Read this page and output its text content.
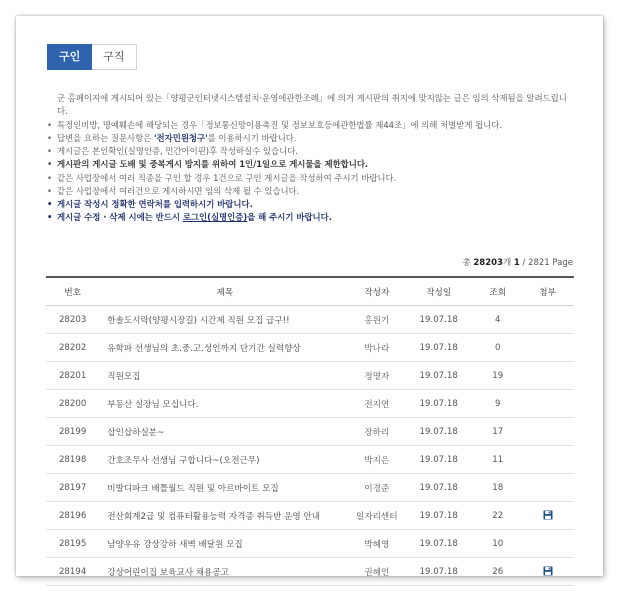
구인	구직
군 홈페이지에 게시되어 있는「양평군인터넷시스템설치·운영에관한조례」에 의거 게시판의 취지에 맞지않는 글은 임의 삭제됨을 알려드립니다.
• 특정인비방, 명예훼손에 해당되는 경우「정보통신망이용촉진 및 정보보호등에관한법률 제44조」에 의해 처벌받게 됩니다.
• 답변을 요하는 질문사항은 '전자민원청구'를 이용하시기 바랍니다.
• 게시글은 본인확인(실명인증, 민간아이핀)후 작성하실수 있습니다.
• 게시판의 게시글 도배 및 중복게시 방지를 위하여 1인/1일으로 게시물을 제한합니다.
• 같은 사업장에서 여러 직종을 구인 할 경우 1건으로 구인 게시글을 작성하여 주시기 바랍니다.
• 같은 사업장에서 여러건으로 게시하시면 임의 삭제 될 수 있습니다.
• 게시글 작성시 정확한 연락처를 입력하시기 바랍니다.
• 게시글 수정 · 삭제 시에는 반드시 로그인(실명인증)을 해 주시기 바랍니다.
총 28203개 1 / 2821 Page
번호	제목	작성자	작성일	조회	첨부
28203	한솔도시락(양평시장길) 시간제 직원 모집 급구!!	홍원기	19.07.18	4	
28202	유학파 선생님의 초.중.고.성인까지 단기간 실력향상	박나라	19.07.18	0	
28201	직원모집	정명자	19.07.18	19	
28200	부동산 실장님 모십니다.	전지연	19.07.18	9	
28199	삽인삽하실분~	장하리	19.07.18	17	
28198	간호조무사 선생님 구합니다~(오전근무)	박지은	19.07.18	11	
28197	비발디파크 배틀월드 직원 및 아르바이트 모집	이경준	19.07.18	18	
28196	전산회계2급 및 컴퓨터활용능력 자격증 취득반 운영 안내	일자리센터	19.07.18	22	
28195	남양우유 강상강하 새벽 배달원 모집	박혜영	19.07.18	10	
28194	강상어린이집 보육교사 채용공고	권혜인	19.07.18	26	
